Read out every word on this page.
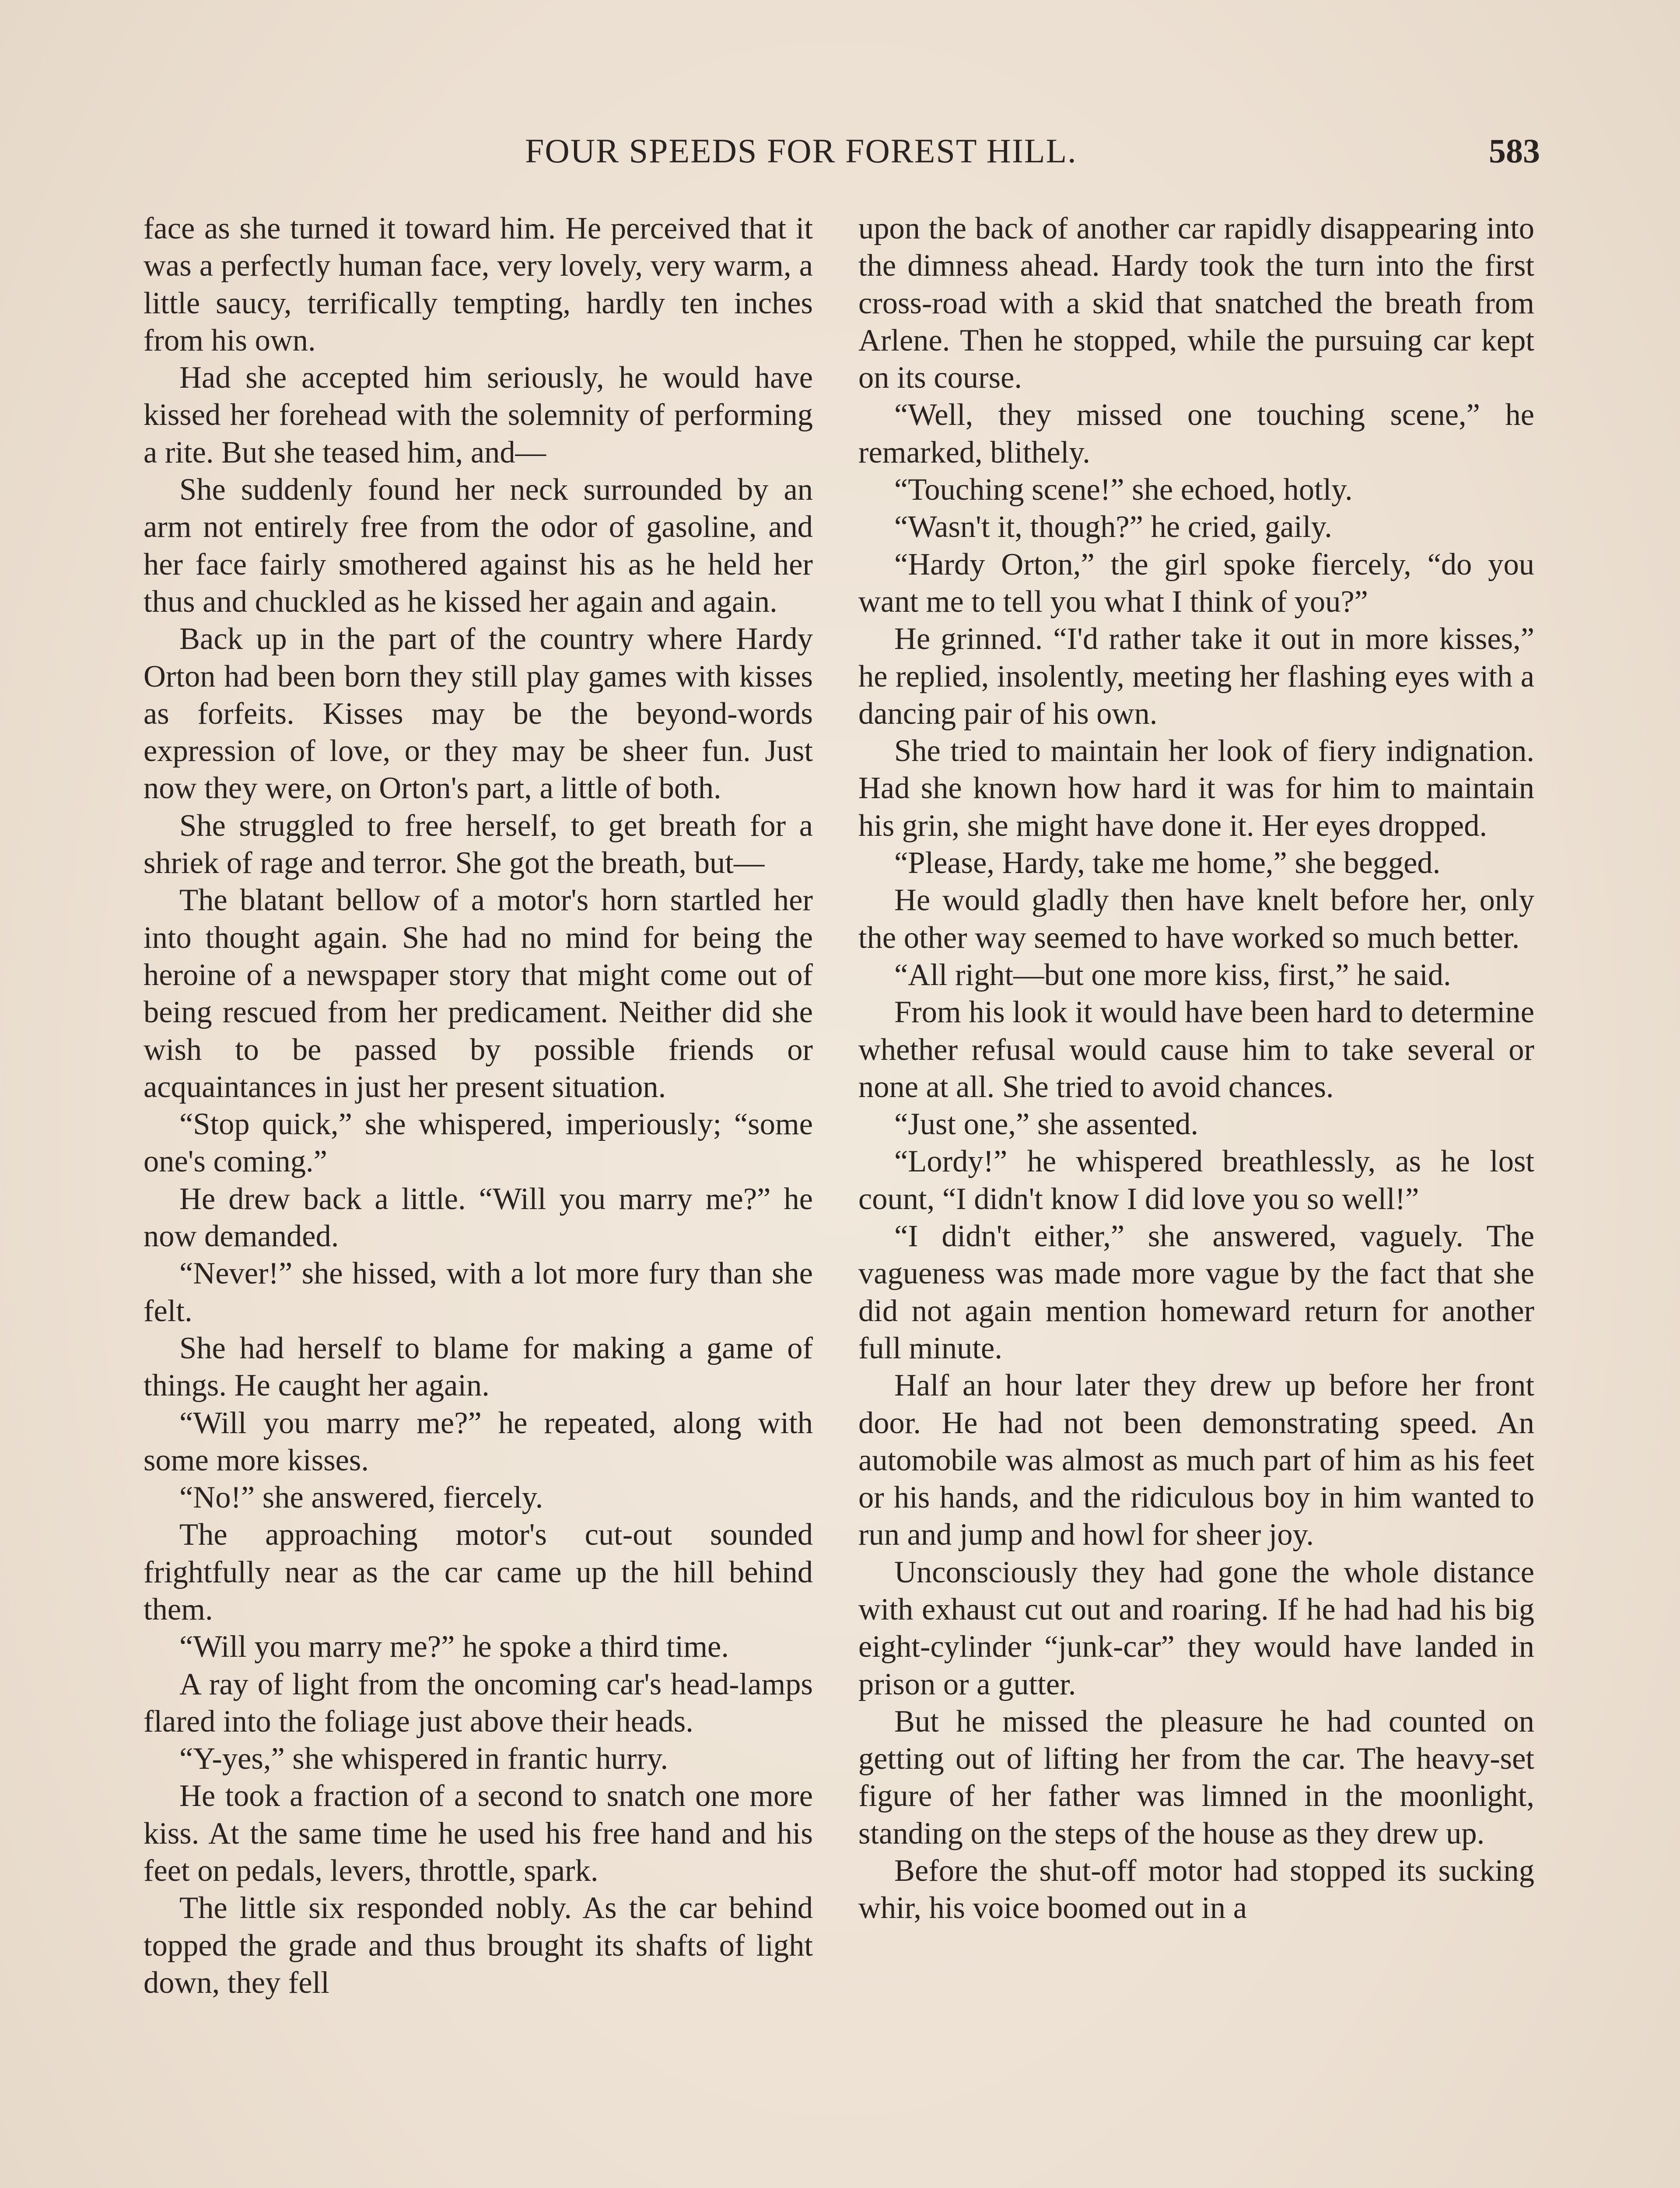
FOUR SPEEDS FOR FOREST HILL.	583

face as she turned it toward him. He perceived that it was a perfectly human face, very lovely, very warm, a little saucy, terrifically tempting, hardly ten inches from his own.

Had she accepted him seriously, he would have kissed her forehead with the solemnity of performing a rite. But she teased him, and—

She suddenly found her neck surrounded by an arm not entirely free from the odor of gasoline, and her face fairly smothered against his as he held her thus and chuckled as he kissed her again and again.

Back up in the part of the country where Hardy Orton had been born they still play games with kisses as forfeits. Kisses may be the beyond-words expression of love, or they may be sheer fun. Just now they were, on Orton's part, a little of both.

She struggled to free herself, to get breath for a shriek of rage and terror. She got the breath, but—

The blatant bellow of a motor's horn startled her into thought again. She had no mind for being the heroine of a newspaper story that might come out of being rescued from her predicament. Neither did she wish to be passed by possible friends or acquaintances in just her present situation.

“Stop quick,” she whispered, imperiously; “some one's coming.”

He drew back a little. “Will you marry me?” he now demanded.

“Never!” she hissed, with a lot more fury than she felt.

She had herself to blame for making a game of things. He caught her again.

“Will you marry me?” he repeated, along with some more kisses.

“No!” she answered, fiercely.

The approaching motor's cut-out sounded frightfully near as the car came up the hill behind them.

“Will you marry me?” he spoke a third time.

A ray of light from the oncoming car's head-lamps flared into the foliage just above their heads.

“Y-yes,” she whispered in frantic hurry.

He took a fraction of a second to snatch one more kiss. At the same time he used his free hand and his feet on pedals, levers, throttle, spark.

The little six responded nobly. As the car behind topped the grade and thus brought its shafts of light down, they fell

upon the back of another car rapidly disappearing into the dimness ahead. Hardy took the turn into the first cross-road with a skid that snatched the breath from Arlene. Then he stopped, while the pursuing car kept on its course.

“Well, they missed one touching scene,” he remarked, blithely.

“Touching scene!” she echoed, hotly.

“Wasn't it, though?” he cried, gaily.

“Hardy Orton,” the girl spoke fiercely, “do you want me to tell you what I think of you?”

He grinned. “I'd rather take it out in more kisses,” he replied, insolently, meeting her flashing eyes with a dancing pair of his own.

She tried to maintain her look of fiery indignation. Had she known how hard it was for him to maintain his grin, she might have done it. Her eyes dropped.

“Please, Hardy, take me home,” she begged.

He would gladly then have knelt before her, only the other way seemed to have worked so much better.

“All right—but one more kiss, first,” he said.

From his look it would have been hard to determine whether refusal would cause him to take several or none at all. She tried to avoid chances.

“Just one,” she assented.

“Lordy!” he whispered breathlessly, as he lost count, “I didn't know I did love you so well!”

“I didn't either,” she answered, vaguely. The vagueness was made more vague by the fact that she did not again mention homeward return for another full minute.

Half an hour later they drew up before her front door. He had not been demonstrating speed. An automobile was almost as much part of him as his feet or his hands, and the ridiculous boy in him wanted to run and jump and howl for sheer joy.

Unconsciously they had gone the whole distance with exhaust cut out and roaring. If he had had his big eight-cylinder “junk-car” they would have landed in prison or a gutter.

But he missed the pleasure he had counted on getting out of lifting her from the car. The heavy-set figure of her father was limned in the moonlight, standing on the steps of the house as they drew up.

Before the shut-off motor had stopped its sucking whir, his voice boomed out in a
